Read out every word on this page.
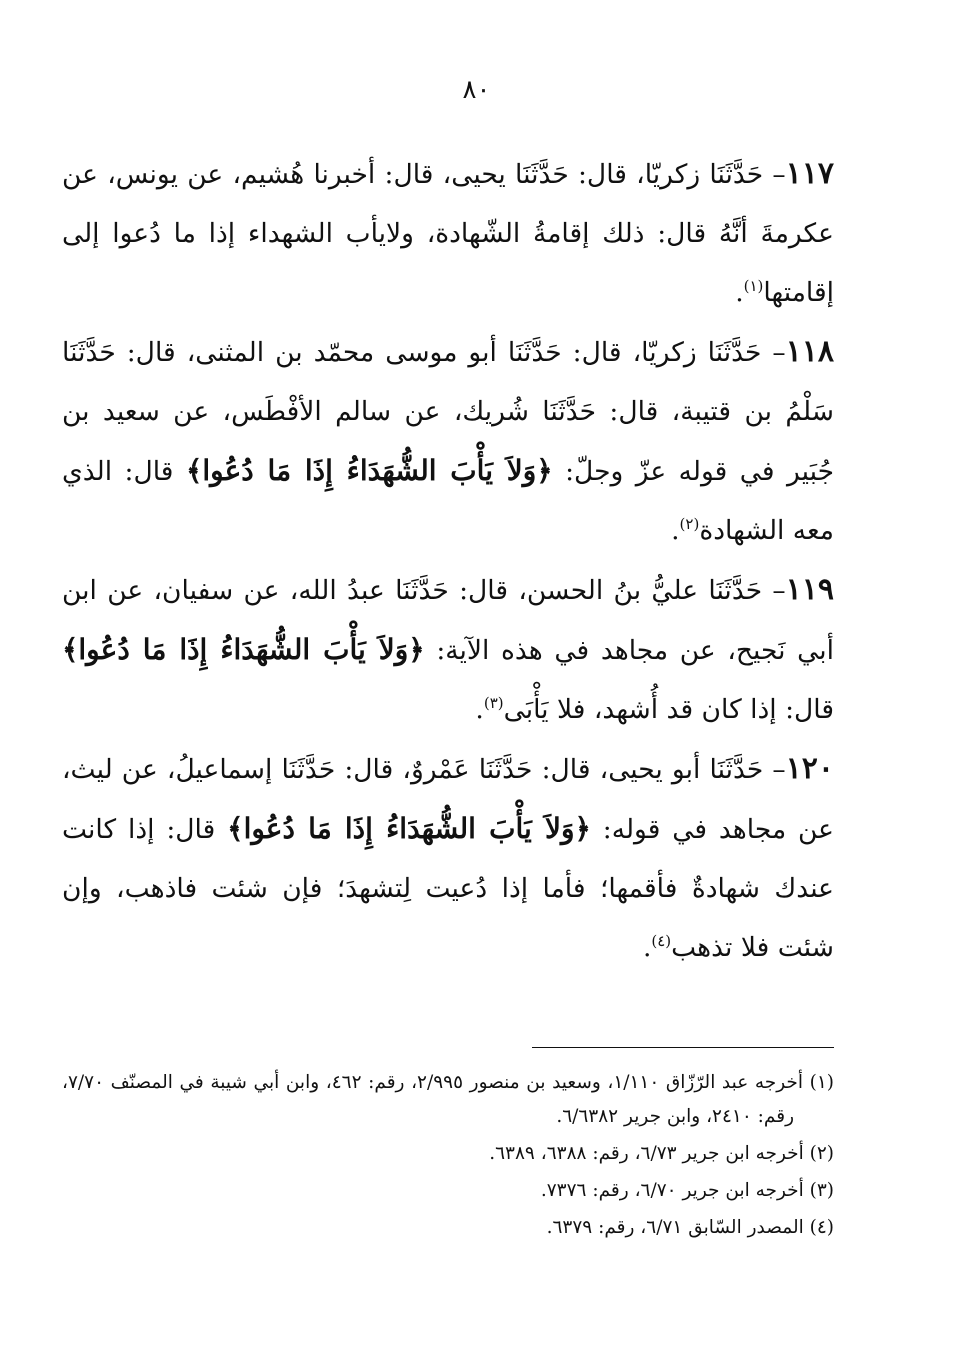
٨٠

١١٧– حَدَّثَنَا زكريّا، قال: حَدَّثَنَا يحيى، قال: أخبرنا هُشيم، عن يونس، عن عكرمةَ أنَّهُ قال: ذلك إقامةُ الشّهادة، ولايأب الشهداء إذا ما دُعوا إلى إقامتها$^{(١)}$.

١١٨– حَدَّثَنَا زكريّا، قال: حَدَّثَنَا أبو موسى محمّد بن المثنى، قال: حَدَّثَنَا سَلْمُ بن قتيبة، قال: حَدَّثَنَا شُريك، عن سالم الأفْطَس، عن سعيد بن جُبَير في قوله عزّ وجلّ: ﴿وَلاَ يَأْبَ الشُّهَدَاءُ إِذَا مَا دُعُوا﴾ قال: الذي معه الشهادة$^{(٢)}$.

١١٩– حَدَّثَنَا عليُّ بنُ الحسن، قال: حَدَّثَنَا عبدُ الله، عن سفيان، عن ابن أبي نَجيح، عن مجاهد في هذه الآية: ﴿وَلاَ يَأْبَ الشُّهَدَاءُ إِذَا مَا دُعُوا﴾ قال: إذا كان قد أُشهد، فلا يَأْبَى$^{(٣)}$.

١٢٠– حَدَّثَنَا أبو يحيى، قال: حَدَّثَنَا عَمْروٌ، قال: حَدَّثَنَا إسماعيلُ، عن ليث، عن مجاهد في قوله: ﴿وَلاَ يَأْبَ الشُّهَدَاءُ إِذَا مَا دُعُوا﴾ قال: إذا كانت عندك شهادةٌ فأقمها؛ فأما إذا دُعيت لِتشهدَ؛ فإن شئت فاذهب، وإن شئت فلا تذهب$^{(٤)}$.

(١) أخرجه عبد الرّزّاق ١/١١٠، وسعيد بن منصور ٢/٩٩٥، رقم: ٤٦٢، وابن أبي شيبة في المصنّف ٧/٧٠، رقم: ٢٤١٠، وابن جرير ٦/٦٣٨٢.

(٢) أخرجه ابن جرير ٦/٧٣، رقم: ٦٣٨٨، ٦٣٨٩.

(٣) أخرجه ابن جرير ٦/٧٠، رقم: ٧٣٧٦.

(٤) المصدر السّابق ٦/٧١، رقم: ٦٣٧٩.
